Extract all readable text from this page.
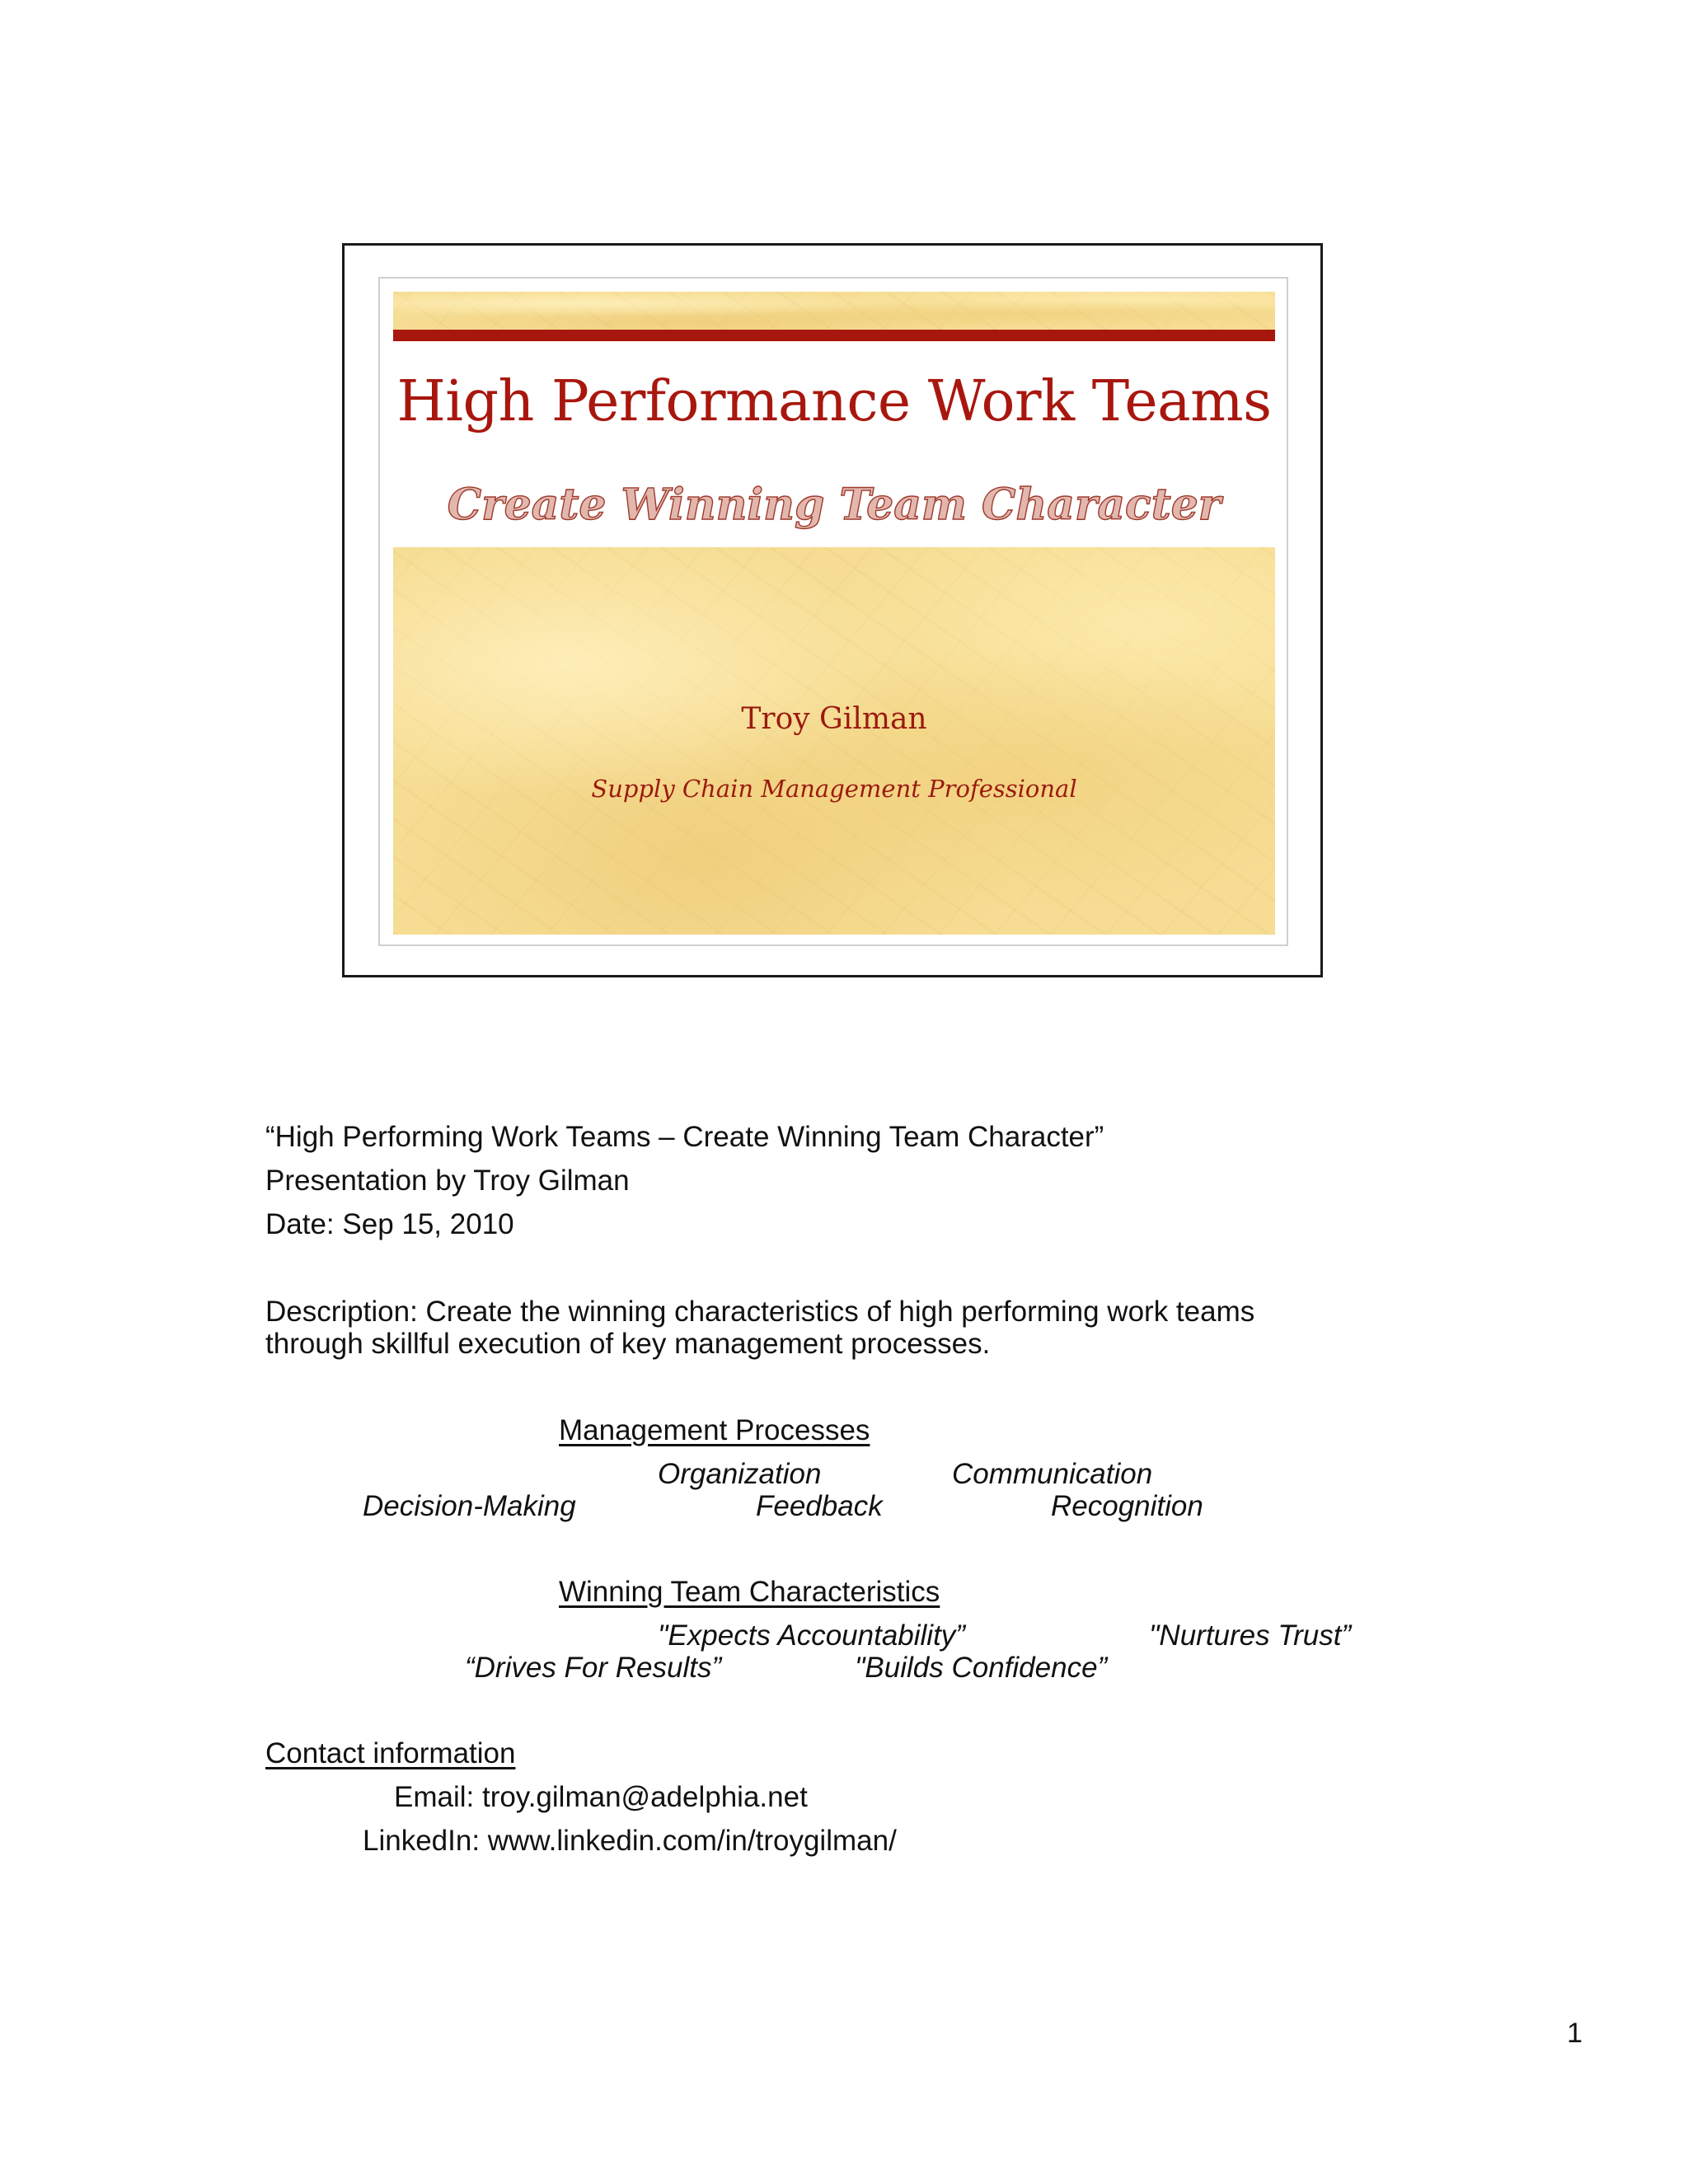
High Performance Work Teams
Create Winning Team Character
Troy Gilman
Supply Chain Management Professional
“High Performing Work Teams – Create Winning Team Character”
Presentation by Troy Gilman
Date: Sep 15, 2010
Description: Create the winning characteristics of high performing work teams
through skillful execution of key management processes.
Management Processes
Organization	Communication
Decision-Making	Feedback	Recognition
Winning Team Characteristics
"Expects Accountability”	"Nurtures Trust”
“Drives For Results”	"Builds Confidence”
Contact information
Email: troy.gilman@adelphia.net
LinkedIn: www.linkedin.com/in/troygilman/
1
